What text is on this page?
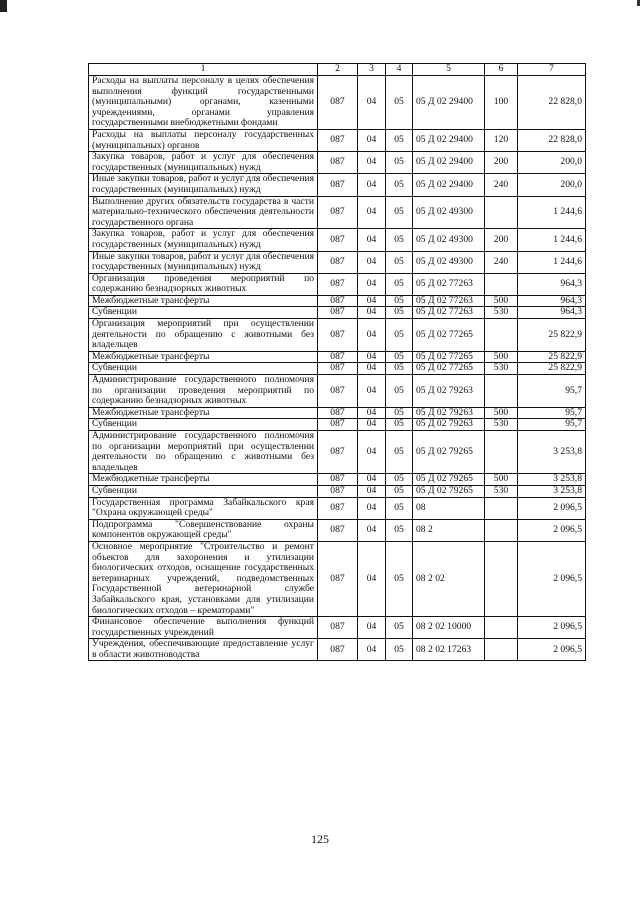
1	2	3	4	5	6	7
Расходы на выплаты персоналу в целях обеспечения выполнения функций государственными (муниципальными) органами, казенными учреждениями, органами управления государственными внебюджетными фондами	087	04	05	05 Д 02 29400	100	22 828,0
Расходы на выплаты персоналу государственных (муниципальных) органов	087	04	05	05 Д 02 29400	120	22 828,0
Закупка товаров, работ и услуг для обеспечения государственных (муниципальных) нужд	087	04	05	05 Д 02 29400	200	200,0
Иные закупки товаров, работ и услуг для обеспечения государственных (муниципальных) нужд	087	04	05	05 Д 02 29400	240	200,0
Выполнение других обязательств государства в части материально-технического обеспечения деятельности государственного органа	087	04	05	05 Д 02 49300		1 244,6
Закупка товаров, работ и услуг для обеспечения государственных (муниципальных) нужд	087	04	05	05 Д 02 49300	200	1 244,6
Иные закупки товаров, работ и услуг для обеспечения государственных (муниципальных) нужд	087	04	05	05 Д 02 49300	240	1 244,6
Организация проведения мероприятий по содержанию безнадзорных животных	087	04	05	05 Д 02 77263		964,3
Межбюджетные трансферты	087	04	05	05 Д 02 77263	500	964,3
Субвенции	087	04	05	05 Д 02 77263	530	964,3
Организация мероприятий при осуществлении деятельности по обращению с животными без владельцев	087	04	05	05 Д 02 77265		25 822,9
Межбюджетные трансферты	087	04	05	05 Д 02 77265	500	25 822,9
Субвенции	087	04	05	05 Д 02 77265	530	25 822,9
Администрирование государственного полномочия по организации проведения мероприятий по содержанию безнадзорных животных	087	04	05	05 Д 02 79263		95,7
Межбюджетные трансферты	087	04	05	05 Д 02 79263	500	95,7
Субвенции	087	04	05	05 Д 02 79263	530	95,7
Администрирование государственного полномочия по организации мероприятий при осуществлении деятельности по обращению с животными без владельцев	087	04	05	05 Д 02 79265		3 253,8
Межбюджетные трансферты	087	04	05	05 Д 02 79265	500	3 253,8
Субвенции	087	04	05	05 Д 02 79265	530	3 253,8
Государственная программа Забайкальского края "Охрана окружающей среды"	087	04	05	08		2 096,5
Подпрограмма "Совершенствование охраны компонентов окружающей среды"	087	04	05	08 2		2 096,5
Основное мероприятие "Строительство и ремонт объектов для захоронения и утилизации биологических отходов, оснащение государственных ветеринарных учреждений, подведомственных Государственной ветеринарной службе Забайкальского края, установками для утилизации биологических отходов – крематорами"	087	04	05	08 2 02		2 096,5
Финансовое обеспечение выполнения функций государственных учреждений	087	04	05	08 2 02 10000		2 096,5
Учреждения, обеспечивающие предоставление услуг в области животноводства	087	04	05	08 2 02 17263		2 096,5
125
